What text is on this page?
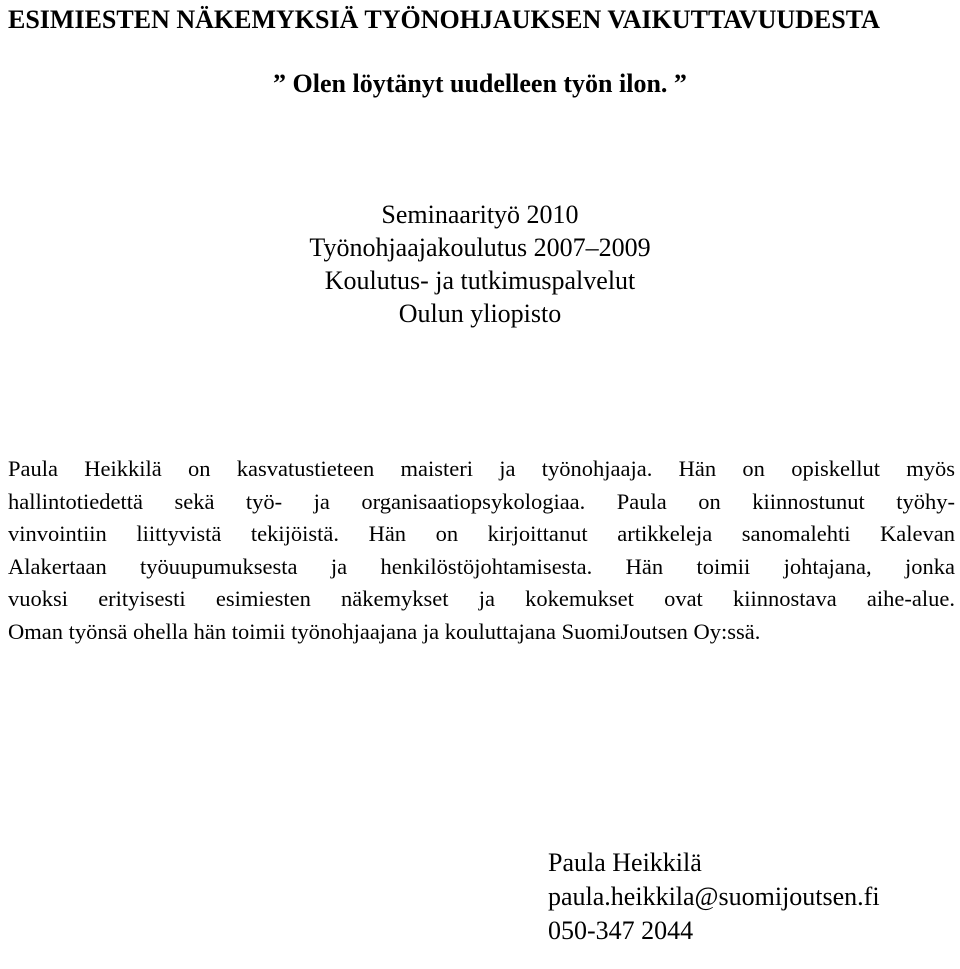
ESIMIESTEN NÄKEMYKSIÄ TYÖNOHJAUKSEN VAIKUTTAVUUDESTA
” Olen löytänyt uudelleen työn ilon. ”
Seminaarityö 2010
Työnohjaajakoulutus 2007–2009
Koulutus- ja tutkimuspalvelut
Oulun yliopisto
Paula Heikkilä on kasvatustieteen maisteri ja työnohjaaja. Hän on opiskellut myös
hallintotiedettä sekä työ- ja organisaatiopsykologiaa. Paula on kiinnostunut työhy-
vinvointiin liittyvistä tekijöistä. Hän on kirjoittanut artikkeleja sanomalehti Kalevan
Alakertaan työuupumuksesta ja henkilöstöjohtamisesta. Hän toimii johtajana, jonka
vuoksi erityisesti esimiesten näkemykset ja kokemukset ovat kiinnostava aihe-alue.
Oman työnsä ohella hän toimii työnohjaajana ja kouluttajana SuomiJoutsen Oy:ssä.
Paula Heikkilä
paula.heikkila@suomijoutsen.fi
050-347 2044
